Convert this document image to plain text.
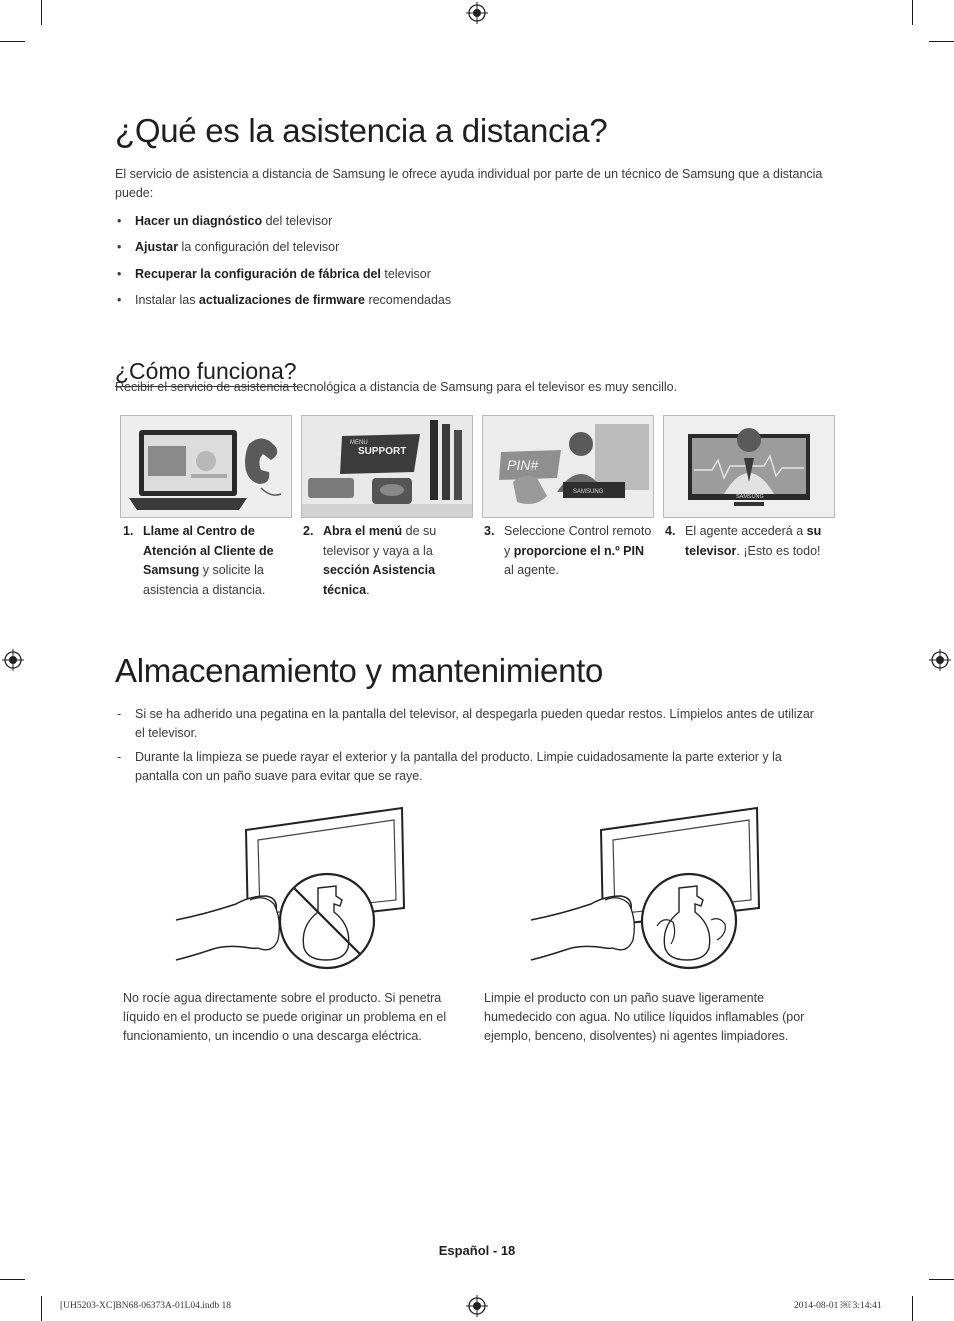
¿Qué es la asistencia a distancia?
El servicio de asistencia a distancia de Samsung le ofrece ayuda individual por parte de un técnico de Samsung que a distancia puede:
• Hacer un diagnóstico del televisor
• Ajustar la configuración del televisor
• Recuperar la configuración de fábrica del televisor
• Instalar las actualizaciones de firmware recomendadas
¿Cómo funciona?
Recibir el servicio de asistencia tecnológica a distancia de Samsung para el televisor es muy sencillo.
MENU
SUPPORT
PIN#
SAMSUNG
SAMSUNG
1. Llame al Centro de Atención al Cliente de Samsung y solicite la asistencia a distancia.
2. Abra el menú de su televisor y vaya a la sección Asistencia técnica.
3. Seleccione Control remoto y proporcione el n.º PIN al agente.
4. El agente accederá a su televisor. ¡Esto es todo!
Almacenamiento y mantenimiento
- Si se ha adherido una pegatina en la pantalla del televisor, al despegarla pueden quedar restos. Límpielos antes de utilizar el televisor.
- Durante la limpieza se puede rayar el exterior y la pantalla del producto. Limpie cuidadosamente la parte exterior y la pantalla con un paño suave para evitar que se raye.
No rocíe agua directamente sobre el producto. Si penetra líquido en el producto se puede originar un problema en el funcionamiento, un incendio o una descarga eléctrica.
Limpie el producto con un paño suave ligeramente humedecido con agua. No utilice líquidos inflamables (por ejemplo, benceno, disolventes) ni agentes limpiadores.
Español - 18
[UH5203-XC]BN68-06373A-01L04.indb 18	2014-08-01 ￼ 3:14:41
